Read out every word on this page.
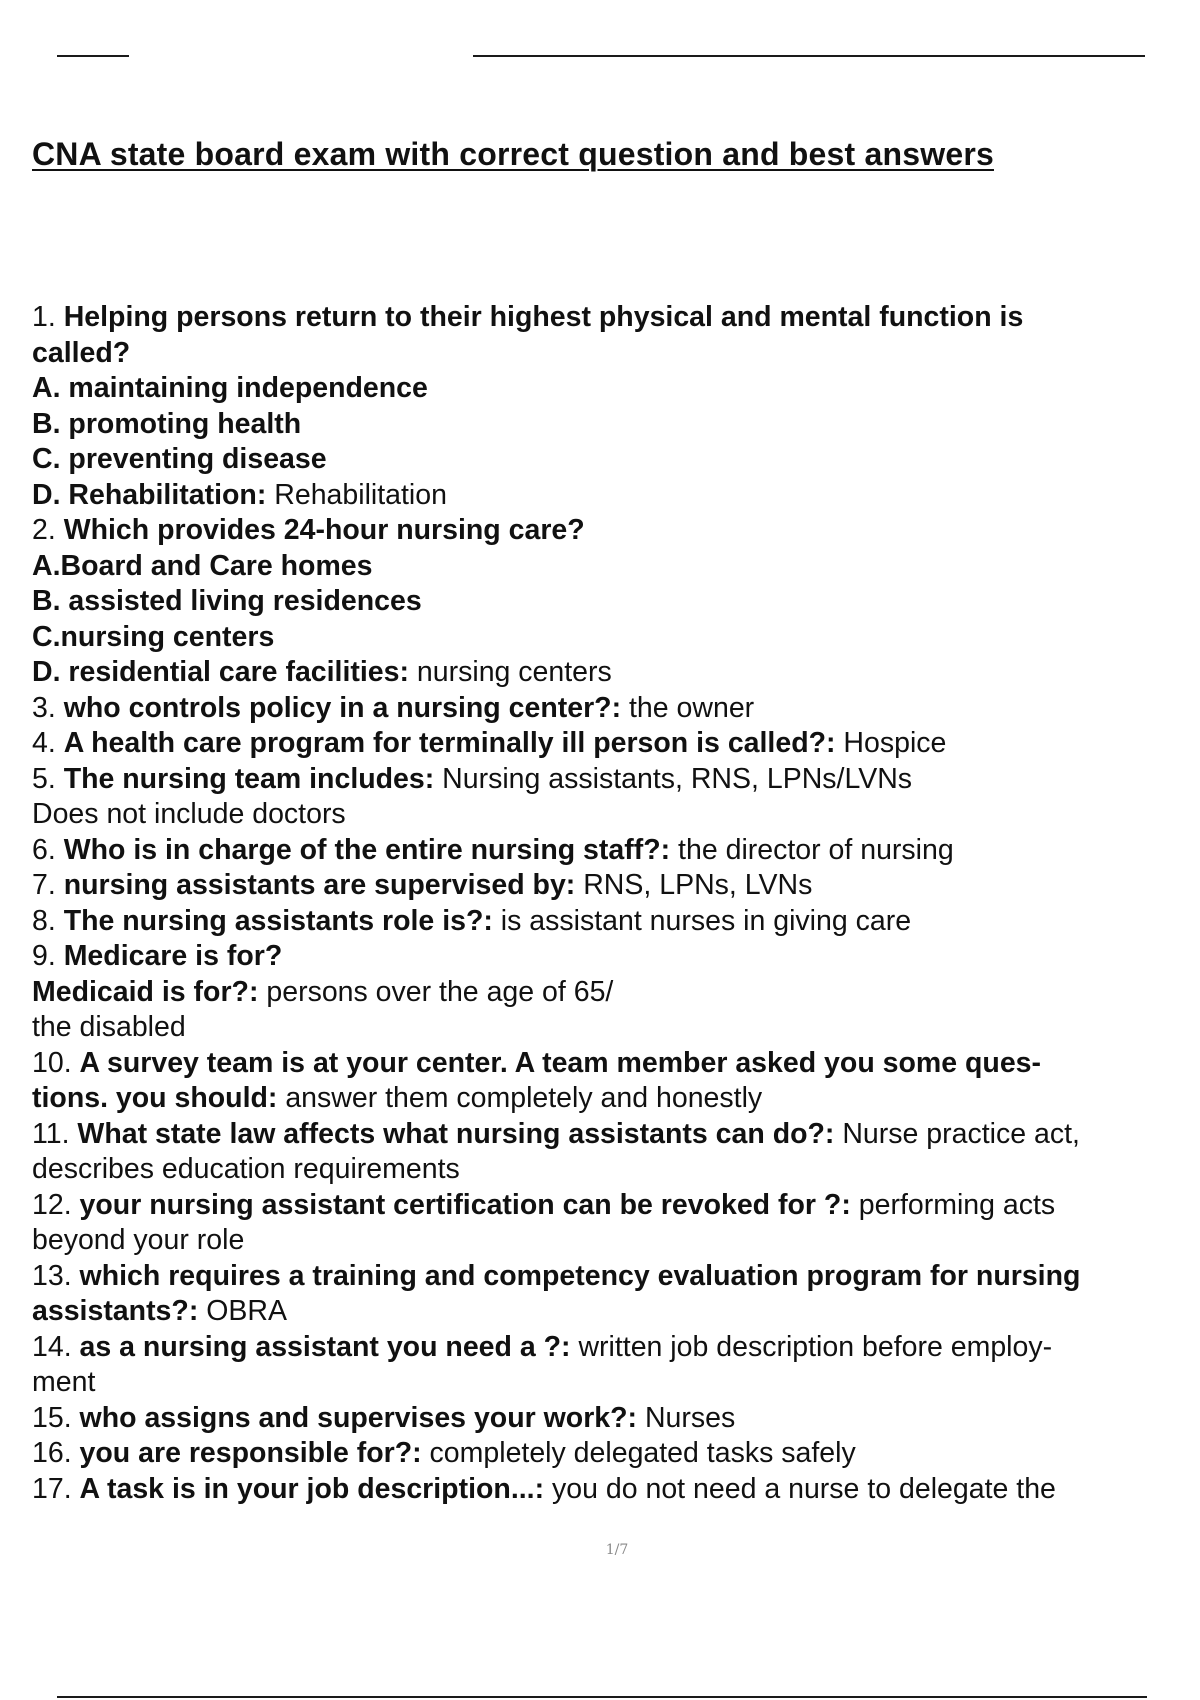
CNA state board exam with correct question and best answers
1. Helping persons return to their highest physical and mental function is
called?
A. maintaining independence
B. promoting health
C. preventing disease
D. Rehabilitation: Rehabilitation
2. Which provides 24-hour nursing care?
A.Board and Care homes
B. assisted living residences
C.nursing centers
D. residential care facilities: nursing centers
3. who controls policy in a nursing center?: the owner
4. A health care program for terminally ill person is called?: Hospice
5. The nursing team includes: Nursing assistants, RNS, LPNs/LVNs
Does not include doctors
6. Who is in charge of the entire nursing staff?: the director of nursing
7. nursing assistants are supervised by: RNS, LPNs, LVNs
8. The nursing assistants role is?: is assistant nurses in giving care
9. Medicare is for?
Medicaid is for?: persons over the age of 65/
the disabled
10. A survey team is at your center. A team member asked you some ques-
tions. you should: answer them completely and honestly
11. What state law affects what nursing assistants can do?: Nurse practice act,
describes education requirements
12. your nursing assistant certification can be revoked for ?: performing acts
beyond your role
13. which requires a training and competency evaluation program for nursing
assistants?: OBRA
14. as a nursing assistant you need a ?: written job description before employ-
ment
15. who assigns and supervises your work?: Nurses
16. you are responsible for?: completely delegated tasks safely
17. A task is in your job description...: you do not need a nurse to delegate the
1/7
